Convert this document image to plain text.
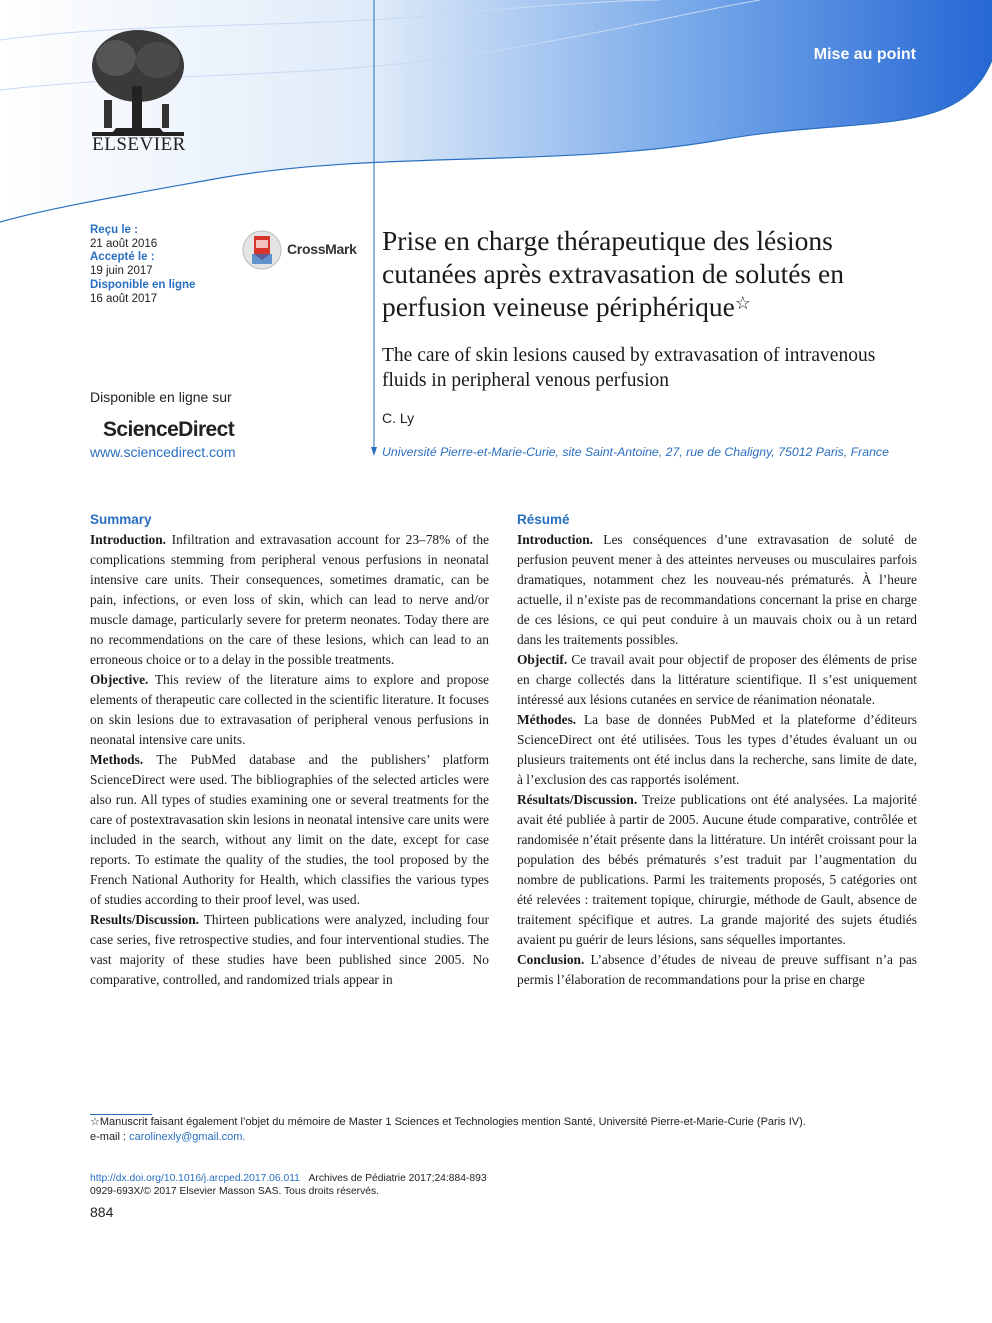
ELSEVIER
Mise au point
Reçu le :
21 août 2016
Accepté le :
19 juin 2017
Disponible en ligne
16 août 2017
CrossMark
Disponible en ligne sur
ScienceDirect
www.sciencedirect.com
Prise en charge thérapeutique des lésions cutanées après extravasation de solutés en perfusion veineuse périphérique☆
The care of skin lesions caused by extravasation of intravenous fluids in peripheral venous perfusion
C. Ly
Université Pierre-et-Marie-Curie, site Saint-Antoine, 27, rue de Chaligny, 75012 Paris, France
Summary

Introduction. Infiltration and extravasation account for 23–78% of the complications stemming from peripheral venous perfusions in neonatal intensive care units. Their consequences, sometimes dramatic, can be pain, infections, or even loss of skin, which can lead to nerve and/or muscle damage, particularly severe for preterm neonates. Today there are no recommendations on the care of these lesions, which can lead to an erroneous choice or to a delay in the possible treatments.

Objective. This review of the literature aims to explore and propose elements of therapeutic care collected in the scientific literature. It focuses on skin lesions due to extravasation of peripheral venous perfusions in neonatal intensive care units.

Methods. The PubMed database and the publishers’ platform ScienceDirect were used. The bibliographies of the selected articles were also run. All types of studies examining one or several treatments for the care of postextravasation skin lesions in neonatal intensive care units were included in the search, without any limit on the date, except for case reports. To estimate the quality of the studies, the tool proposed by the French National Authority for Health, which classifies the various types of studies according to their proof level, was used.

Results/Discussion. Thirteen publications were analyzed, including four case series, five retrospective studies, and four interventional studies. The vast majority of these studies have been published since 2005. No comparative, controlled, and randomized trials appear in

Résumé

Introduction. Les conséquences d’une extravasation de soluté de perfusion peuvent mener à des atteintes nerveuses ou musculaires parfois dramatiques, notamment chez les nouveau-nés prématurés. À l’heure actuelle, il n’existe pas de recommandations concernant la prise en charge de ces lésions, ce qui peut conduire à un mauvais choix ou à un retard dans les traitements possibles.

Objectif. Ce travail avait pour objectif de proposer des éléments de prise en charge collectés dans la littérature scientifique. Il s’est uniquement intéressé aux lésions cutanées en service de réanimation néonatale.

Méthodes. La base de données PubMed et la plateforme d’éditeurs ScienceDirect ont été utilisées. Tous les types d’études évaluant un ou plusieurs traitements ont été inclus dans la recherche, sans limite de date, à l’exclusion des cas rapportés isolément.

Résultats/Discussion. Treize publications ont été analysées. La majorité avait été publiée à partir de 2005. Aucune étude comparative, contrôlée et randomisée n’était présente dans la littérature. Un intérêt croissant pour la population des bébés prématurés s’est traduit par l’augmentation du nombre de publications. Parmi les traitements proposés, 5 catégories ont été relevées : traitement topique, chirurgie, méthode de Gault, absence de traitement spécifique et autres. La grande majorité des sujets étudiés avaient pu guérir de leurs lésions, sans séquelles importantes.

Conclusion. L’absence d’études de niveau de preuve suffisant n’a pas permis l’élaboration de recommandations pour la prise en charge

☆Manuscrit faisant également l’objet du mémoire de Master 1 Sciences et Technologies mention Santé, Université Pierre-et-Marie-Curie (Paris IV).
e-mail : carolinexly@gmail.com.
http://dx.doi.org/10.1016/j.arcped.2017.06.011 Archives de Pédiatrie 2017;24:884-893
0929-693X/© 2017 Elsevier Masson SAS. Tous droits réservés.
884
